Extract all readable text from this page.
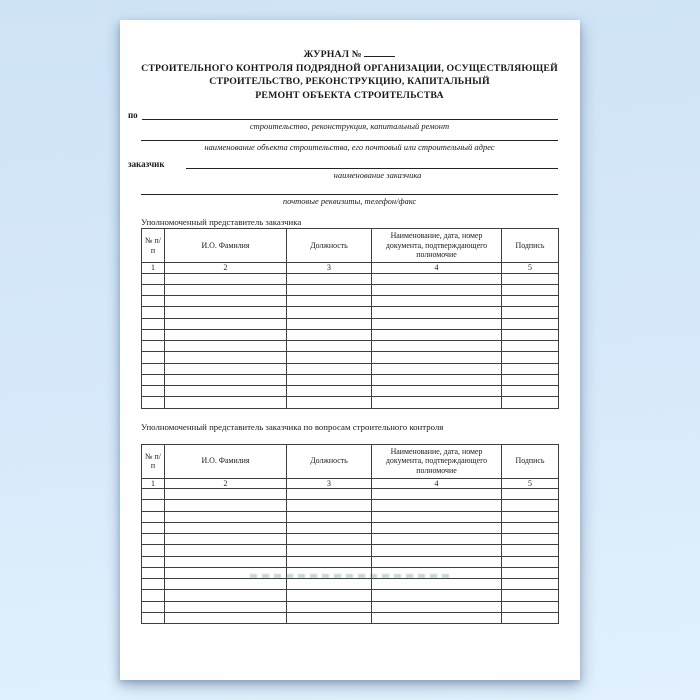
ЖУРНАЛ №
СТРОИТЕЛЬНОГО КОНТРОЛЯ ПОДРЯДНОЙ ОРГАНИЗАЦИИ, ОСУЩЕСТВЛЯЮЩЕЙ
СТРОИТЕЛЬСТВО, РЕКОНСТРУКЦИЮ, КАПИТАЛЬНЫЙ
РЕМОНТ ОБЪЕКТА СТРОИТЕЛЬСТВА
по
строительство, реконструкция, капитальный ремонт
наименование объекта строительства, его почтовый или строительный адрес
заказчик
наименование заказчика
почтовые реквизиты, телефон/факс
Уполномоченный представитель заказчика
№ п/п	И.О. Фамилия	Должность	Наименование, дата, номер документа, подтверждающего полномочие	Подпись
1	2	3	4	5

Уполномоченный представитель заказчика по вопросам строительного контроля
№ п/п	И.О. Фамилия	Должность	Наименование, дата, номер документа, подтверждающего полномочие	Подпись
1	2	3	4	5
